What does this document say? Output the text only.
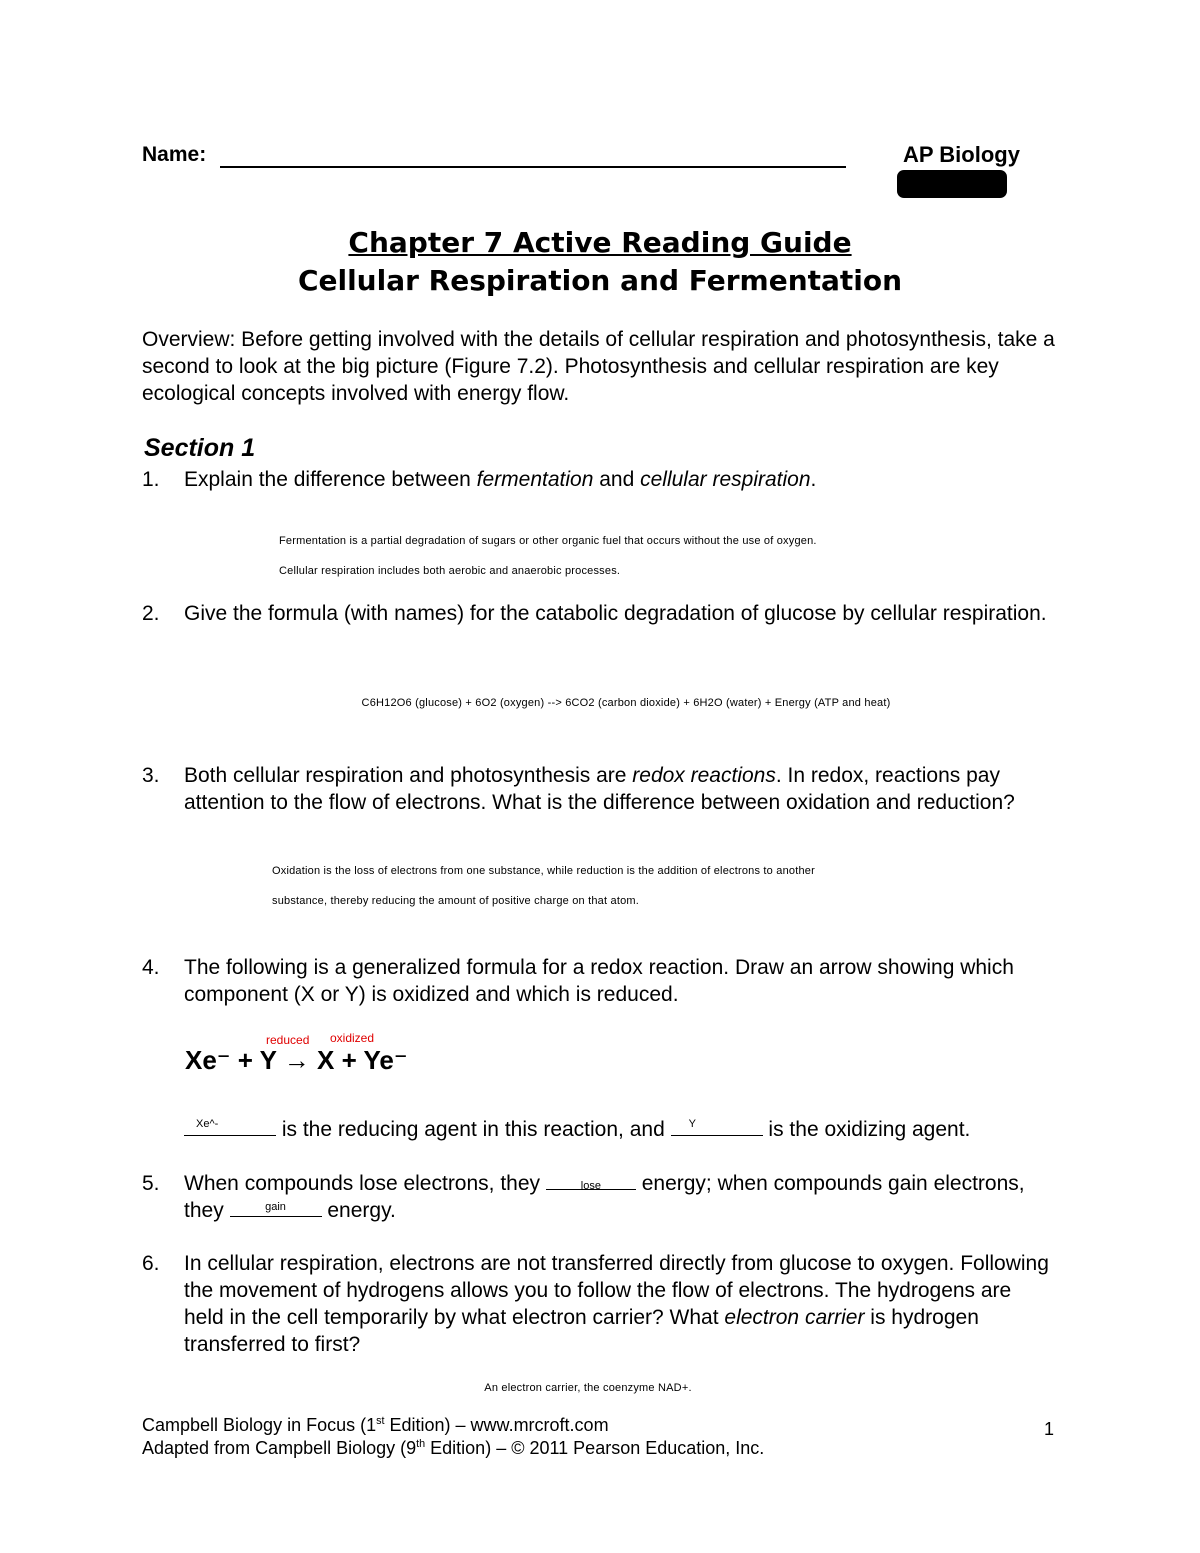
Name:	AP Biology
Chapter 7 Active Reading Guide
Cellular Respiration and Fermentation
Overview: Before getting involved with the details of cellular respiration and photosynthesis, take a second to look at the big picture (Figure 7.2). Photosynthesis and cellular respiration are key ecological concepts involved with energy flow.
Section 1
1. Explain the difference between fermentation and cellular respiration.
Fermentation is a partial degradation of sugars or other organic fuel that occurs without the use of oxygen.
Cellular respiration includes both aerobic and anaerobic processes.
2. Give the formula (with names) for the catabolic degradation of glucose by cellular respiration.
C6H12O6 (glucose) + 6O2 (oxygen) --> 6CO2 (carbon dioxide) + 6H2O (water) + Energy (ATP and heat)
3. Both cellular respiration and photosynthesis are redox reactions. In redox, reactions pay attention to the flow of electrons. What is the difference between oxidation and reduction?
Oxidation is the loss of electrons from one substance, while reduction is the addition of electrons to another
substance, thereby reducing the amount of positive charge on that atom.
4. The following is a generalized formula for a redox reaction. Draw an arrow showing which component (X or Y) is oxidized and which is reduced.
reduced oxidized
Xe⁻ + Y → X + Ye⁻
Xe^-	is the reducing agent in this reaction, and	Y	is the oxidizing agent.
5. When compounds lose electrons, they	lose	energy; when compounds gain electrons, they	gain	energy.
6. In cellular respiration, electrons are not transferred directly from glucose to oxygen. Following the movement of hydrogens allows you to follow the flow of electrons. The hydrogens are held in the cell temporarily by what electron carrier? What electron carrier is hydrogen transferred to first?
An electron carrier, the coenzyme NAD+.
Campbell Biology in Focus (1st Edition) – www.mrcroft.com
Adapted from Campbell Biology (9th Edition) – © 2011 Pearson Education, Inc.
1
